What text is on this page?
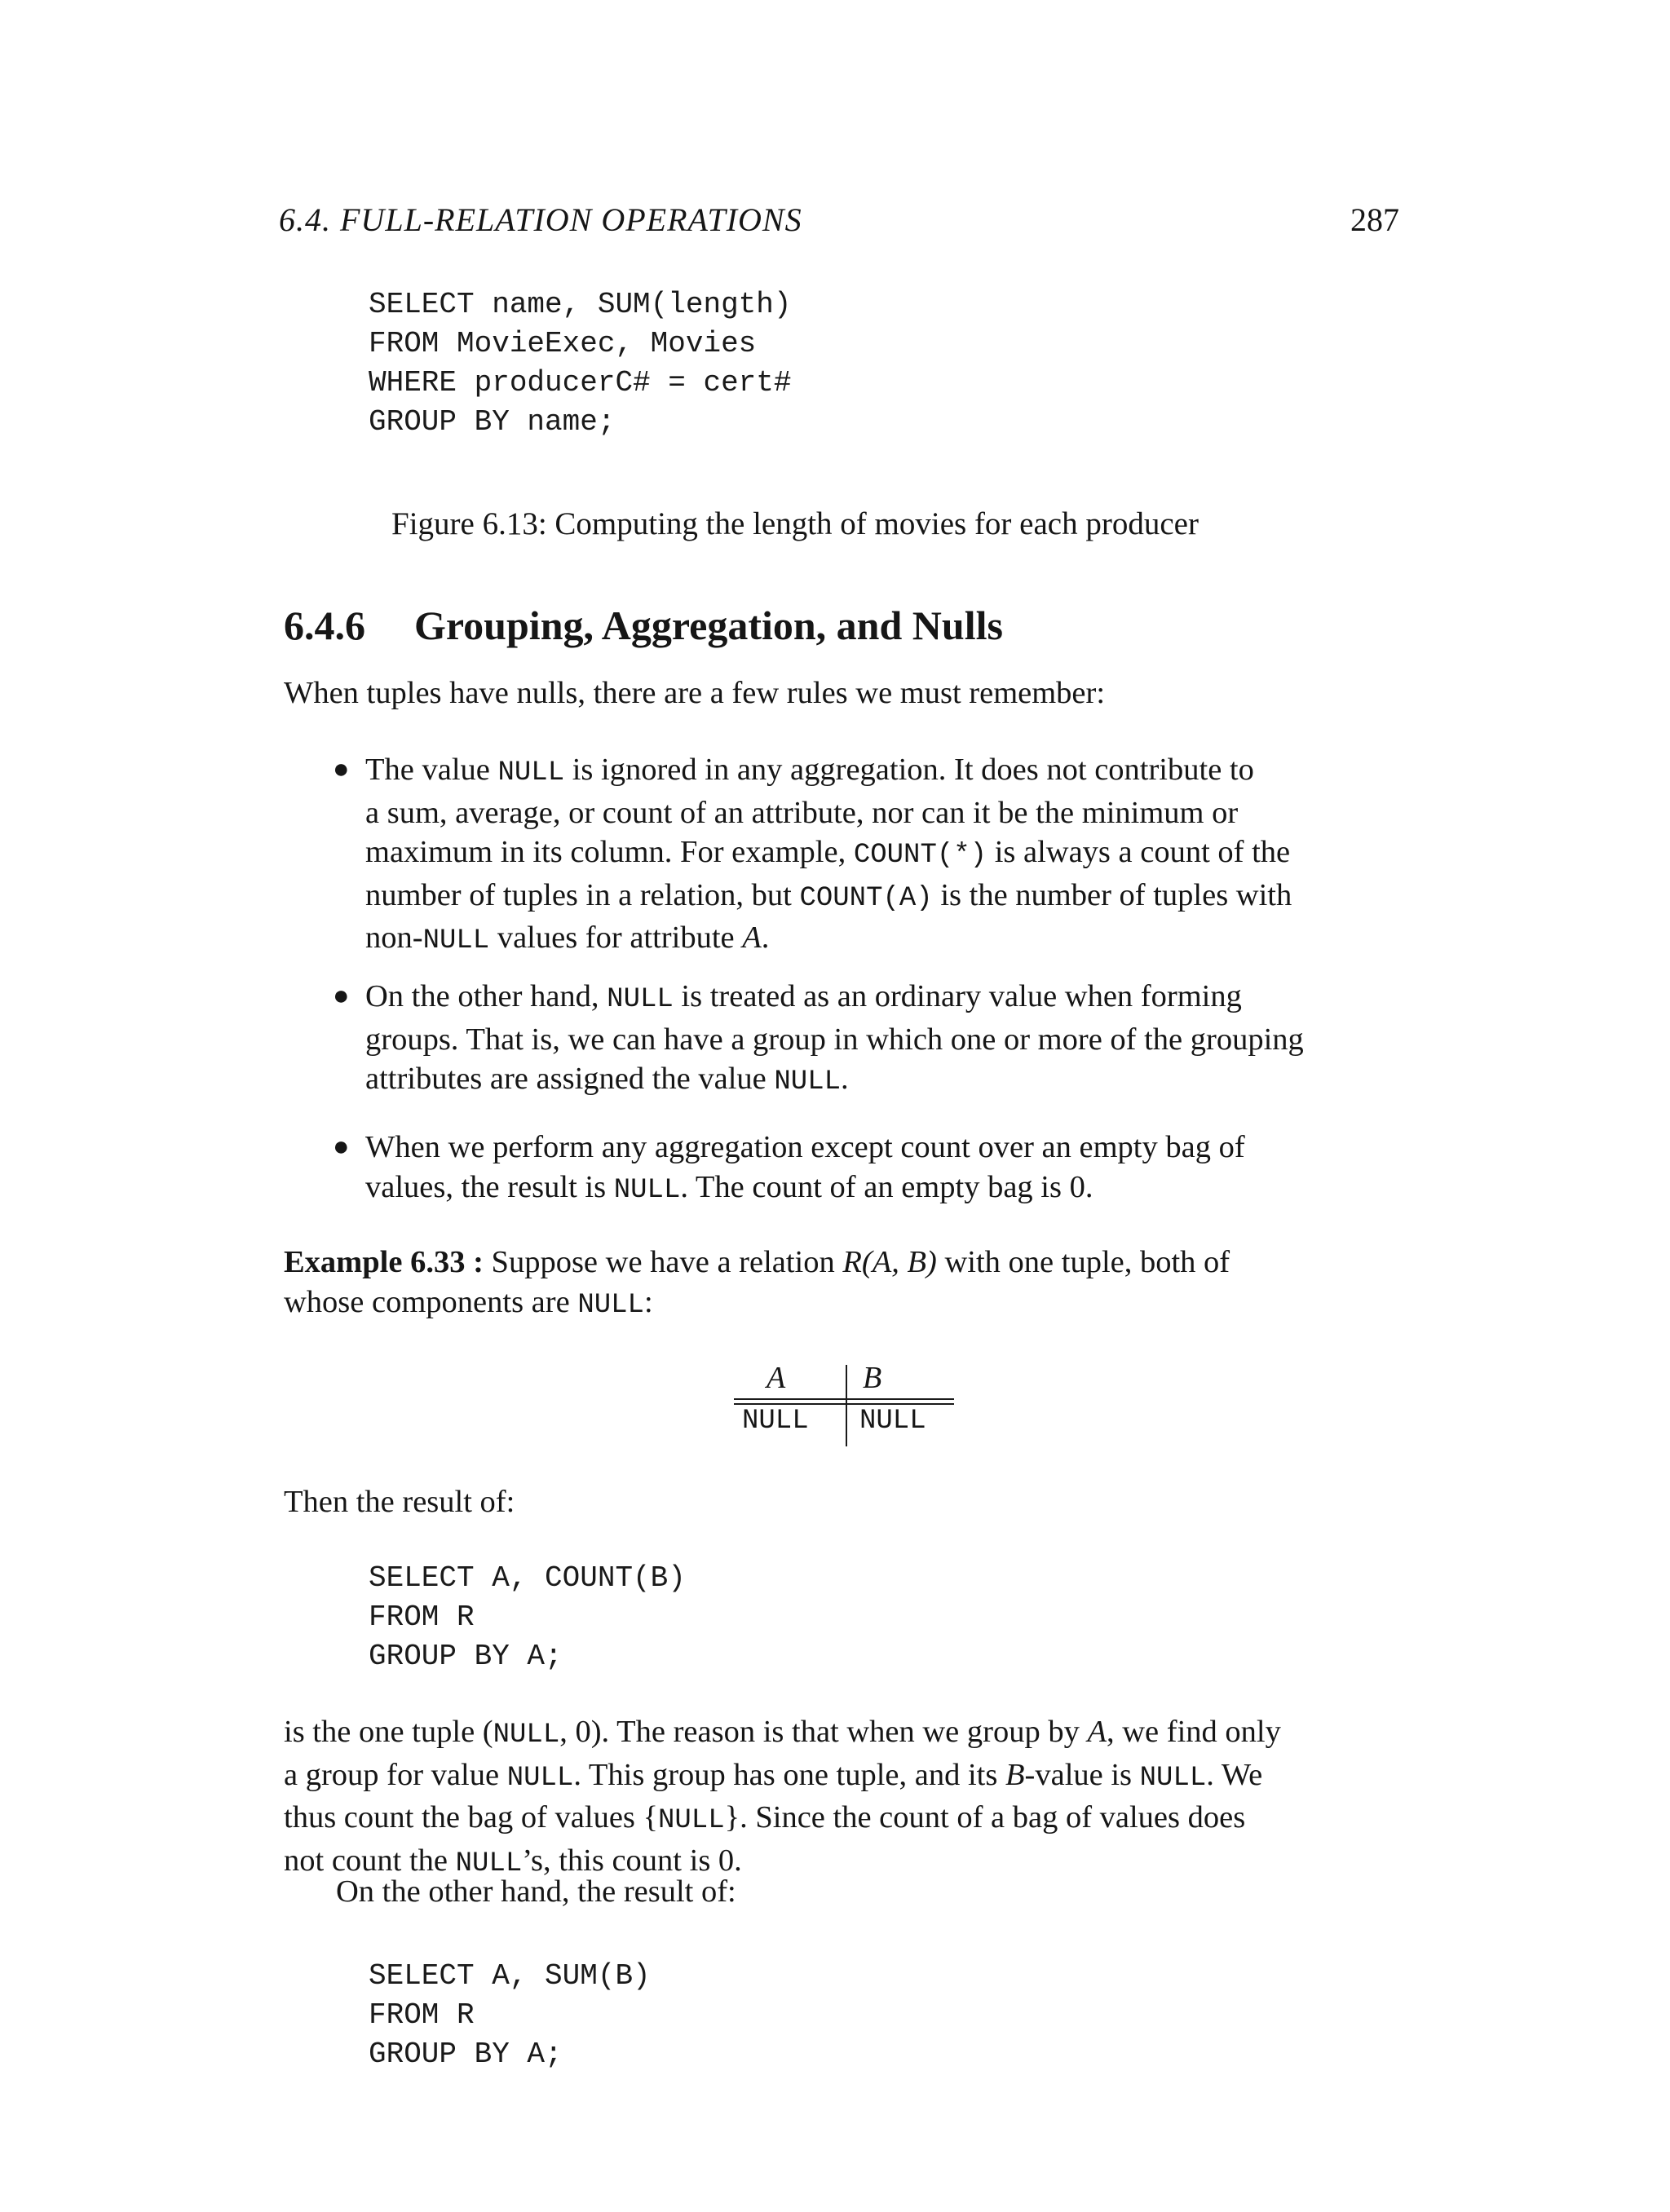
6.4. FULL-RELATION OPERATIONS	287
SELECT name, SUM(length)
FROM MovieExec, Movies
WHERE producerC# = cert#
GROUP BY name;
Figure 6.13: Computing the length of movies for each producer
6.4.6 Grouping, Aggregation, and Nulls
When tuples have nulls, there are a few rules we must remember:
● The value NULL is ignored in any aggregation. It does not contribute to
a sum, average, or count of an attribute, nor can it be the minimum or
maximum in its column. For example, COUNT(*) is always a count of the
number of tuples in a relation, but COUNT(A) is the number of tuples with
non-NULL values for attribute A.
● On the other hand, NULL is treated as an ordinary value when forming
groups. That is, we can have a group in which one or more of the grouping
attributes are assigned the value NULL.
● When we perform any aggregation except count over an empty bag of
values, the result is NULL. The count of an empty bag is 0.
Example 6.33 : Suppose we have a relation R(A, B) with one tuple, both of
whose components are NULL:
A B
NULL NULL
Then the result of:
SELECT A, COUNT(B)
FROM R
GROUP BY A;
is the one tuple (NULL, 0). The reason is that when we group by A, we find only
a group for value NULL. This group has one tuple, and its B-value is NULL. We
thus count the bag of values {NULL}. Since the count of a bag of values does
not count the NULL’s, this count is 0.
On the other hand, the result of:
SELECT A, SUM(B)
FROM R
GROUP BY A;
